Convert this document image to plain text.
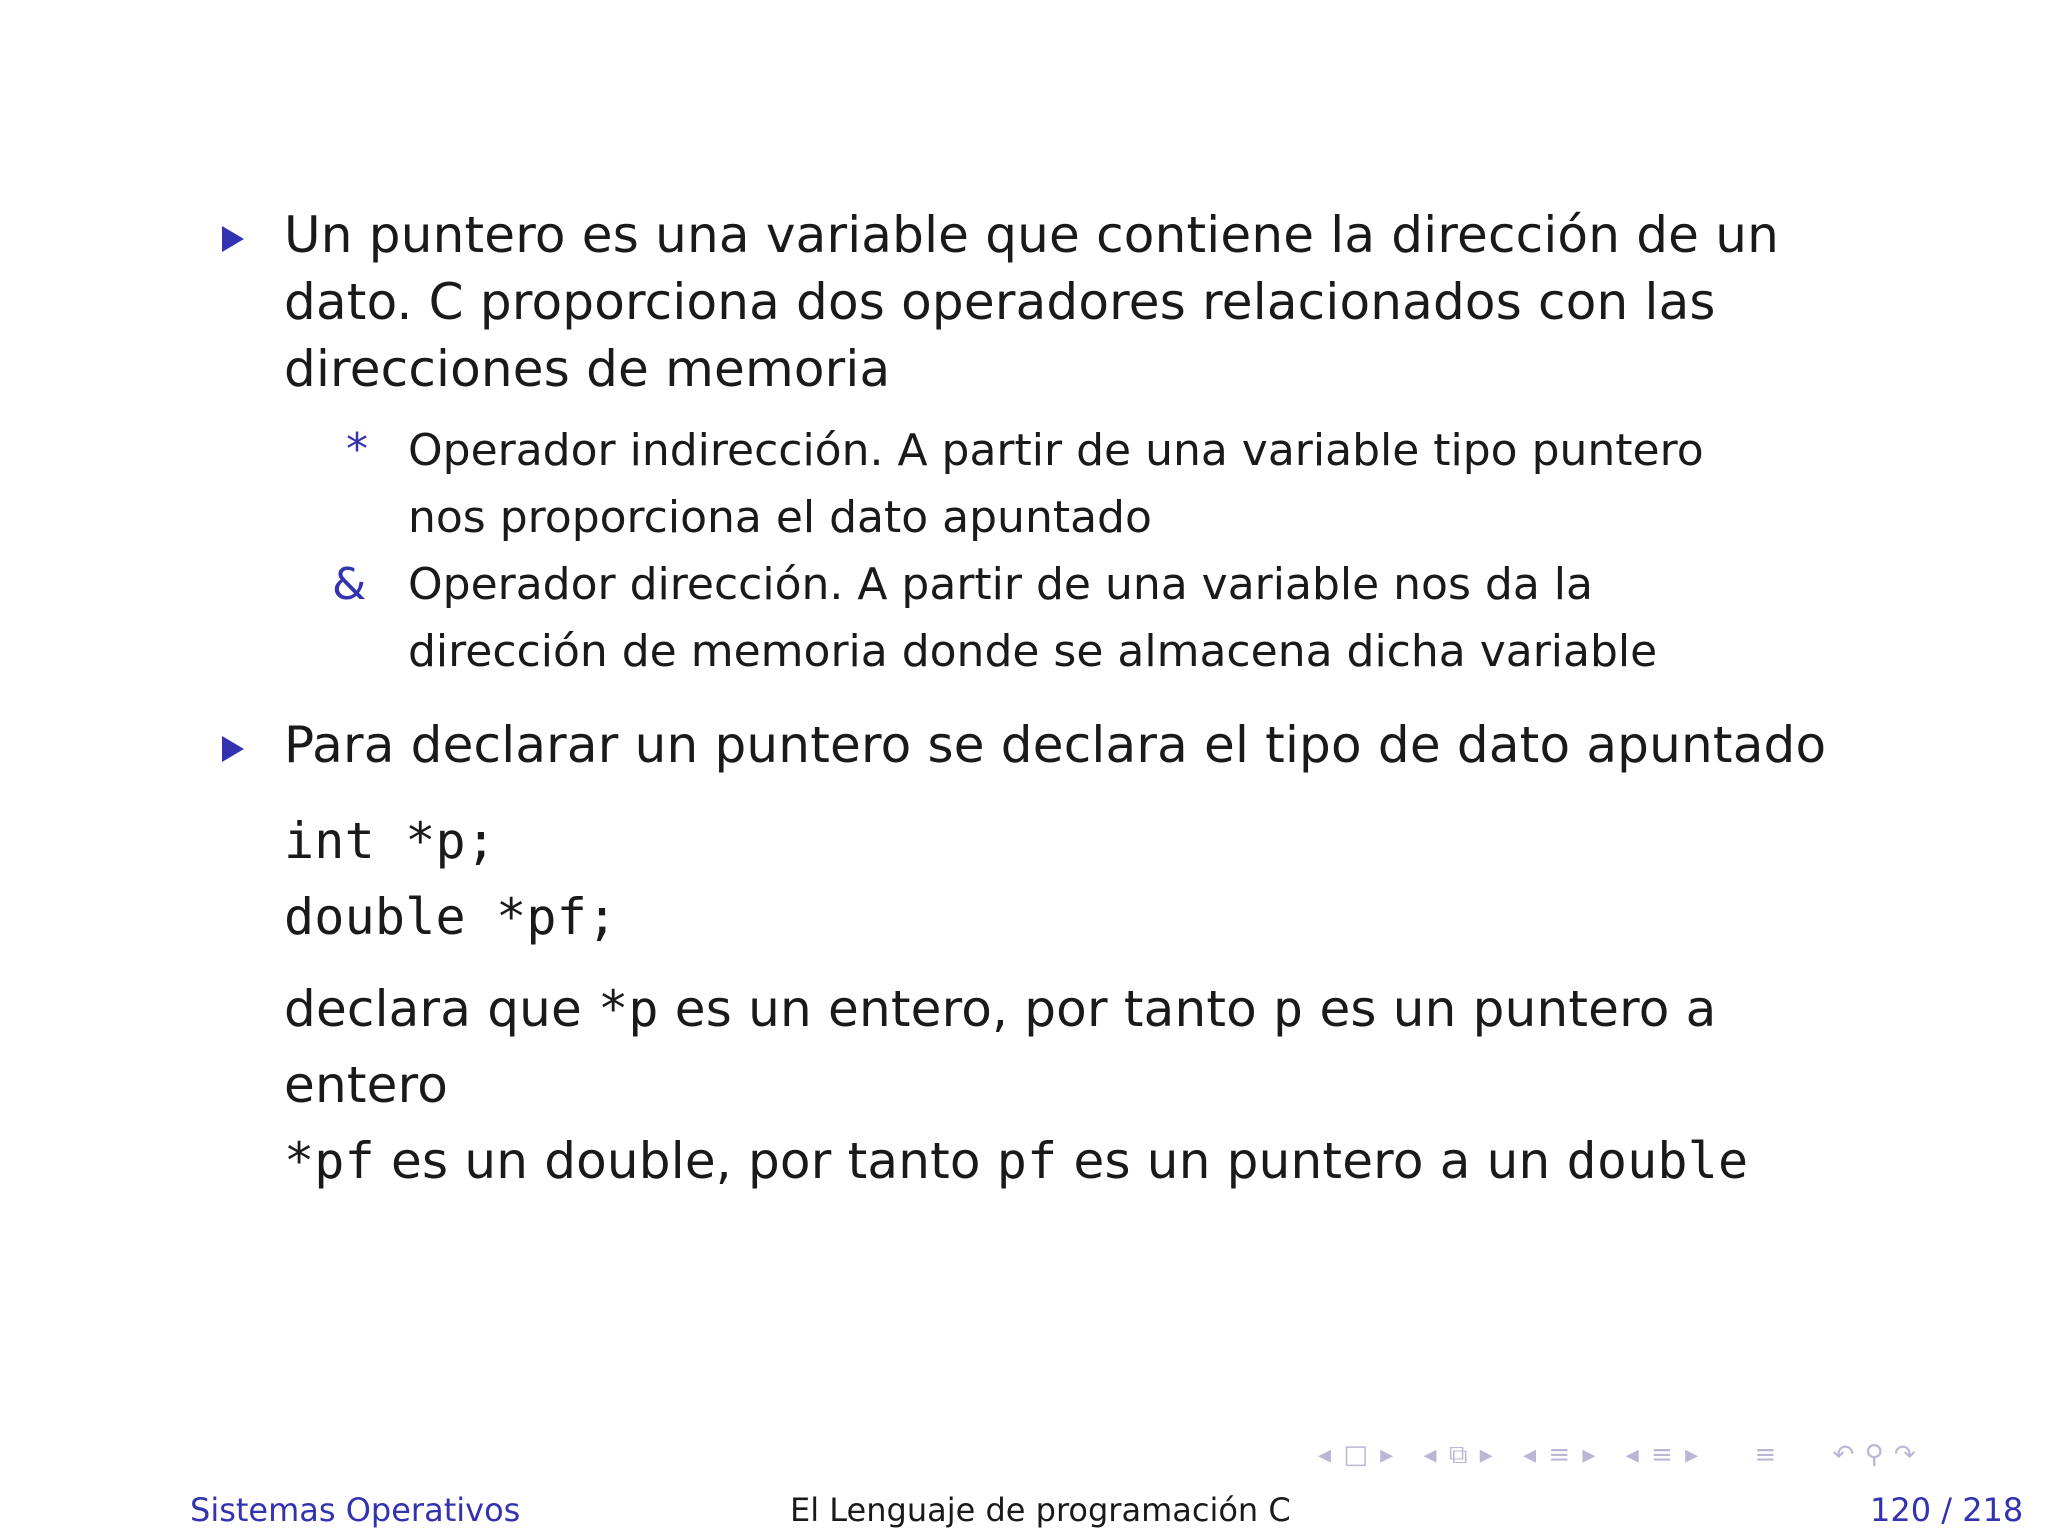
Un puntero es una variable que contiene la dirección de un
dato. C proporciona dos operadores relacionados con las
direcciones de memoria
* Operador indirección. A partir de una variable tipo puntero
nos proporciona el dato apuntado
& Operador dirección. A partir de una variable nos da la
dirección de memoria donde se almacena dicha variable
Para declarar un puntero se declara el tipo de dato apuntado
int *p;
double *pf;
declara que *p es un entero, por tanto p es un puntero a
entero
*pf es un double, por tanto pf es un puntero a un double
◂ □ ▸ ◂ ⧉ ▸ ◂ ≡ ▸ ◂ ≡ ▸ ≡ ↶ ⚲ ↷
Sistemas Operativos	El Lenguaje de programación C	120 / 218
